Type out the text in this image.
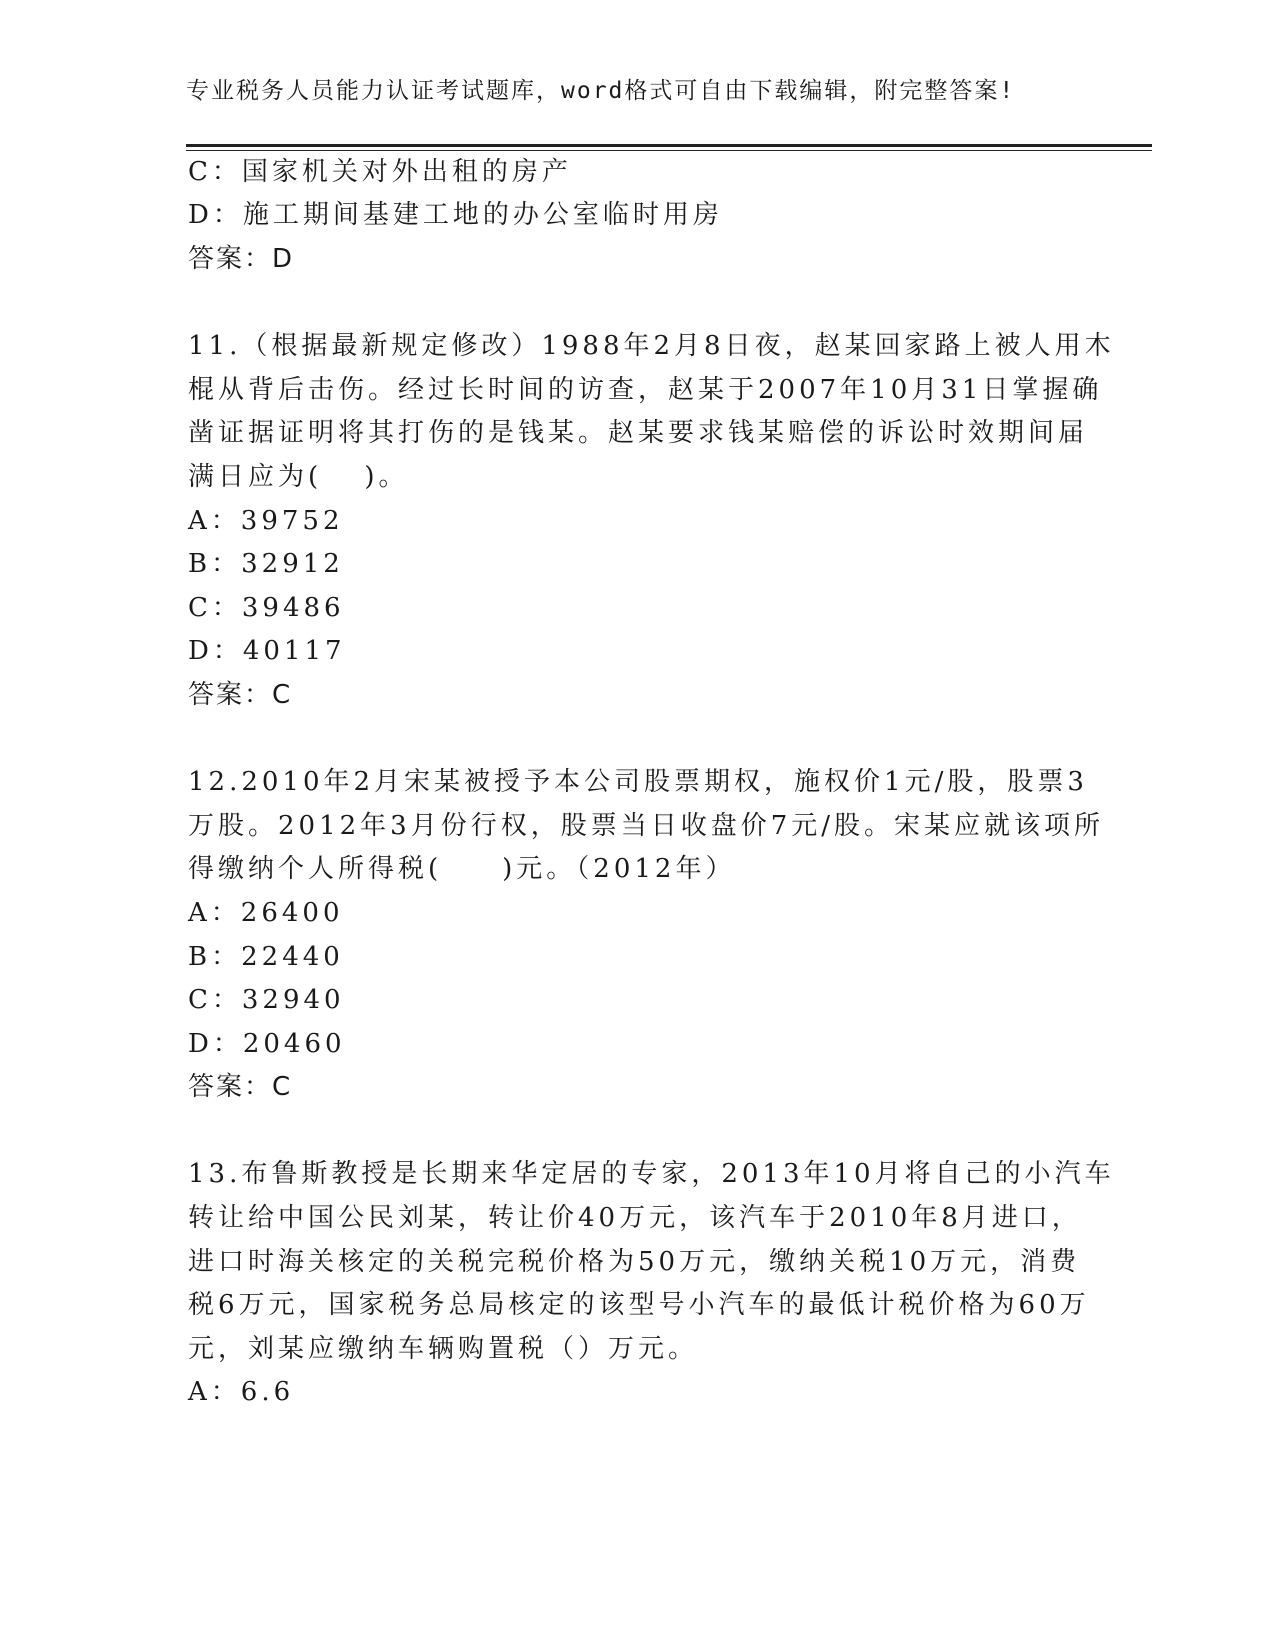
专业税务人员能力认证考试题库，word格式可自由下载编辑，附完整答案!
C：国家机关对外出租的房产
D：施工期间基建工地的办公室临时用房
答案：D
11.（根据最新规定修改）1988年2月8日夜，赵某回家路上被人用木
棍从背后击伤。经过长时间的访查，赵某于2007年10月31日掌握确
凿证据证明将其打伤的是钱某。赵某要求钱某赔偿的诉讼时效期间届
满日应为(　 )。
A：39752
B：32912
C：39486
D：40117
答案：C
12.2010年2月宋某被授予本公司股票期权，施权价1元/股，股票3
万股。2012年3月份行权，股票当日收盘价7元/股。宋某应就该项所
得缴纳个人所得税(　　)元。（2012年）
A：26400
B：22440
C：32940
D：20460
答案：C
13.布鲁斯教授是长期来华定居的专家，2013年10月将自己的小汽车
转让给中国公民刘某，转让价40万元，该汽车于2010年8月进口，
进口时海关核定的关税完税价格为50万元，缴纳关税10万元，消费
税6万元，国家税务总局核定的该型号小汽车的最低计税价格为60万
元，刘某应缴纳车辆购置税（）万元。
A：6.6
